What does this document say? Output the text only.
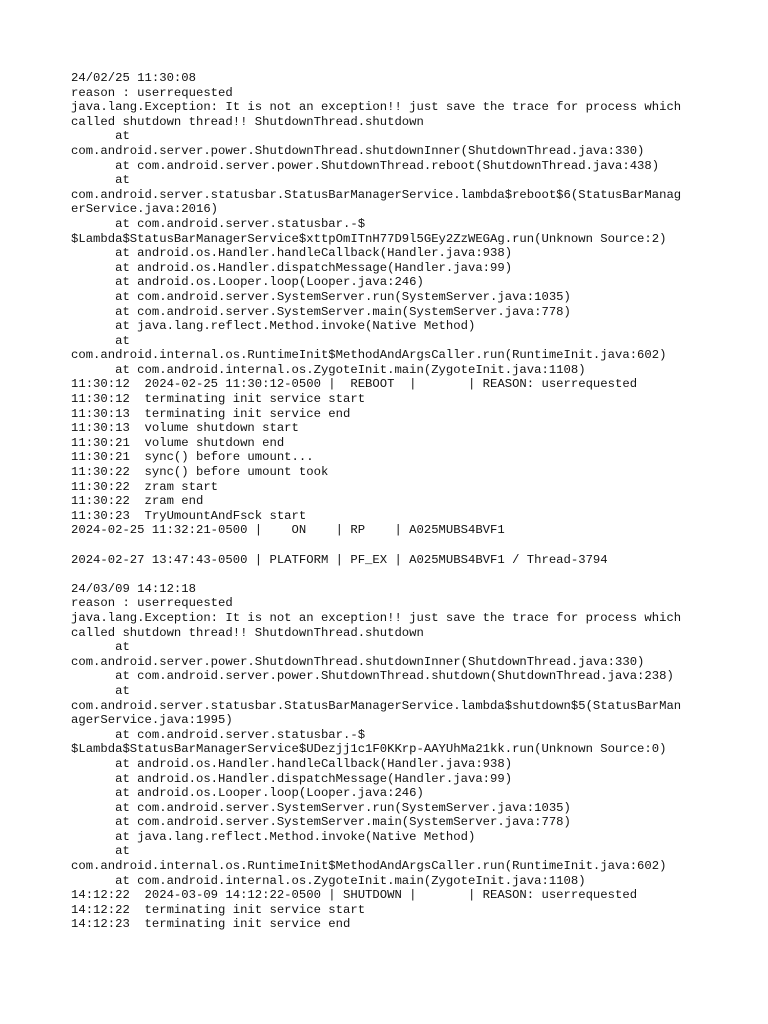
24/02/25 11:30:08
reason : userrequested
java.lang.Exception: It is not an exception!! just save the trace for process which
called shutdown thread!! ShutdownThread.shutdown
at
com.android.server.power.ShutdownThread.shutdownInner(ShutdownThread.java:330)
at com.android.server.power.ShutdownThread.reboot(ShutdownThread.java:438)
at
com.android.server.statusbar.StatusBarManagerService.lambda$reboot$6(StatusBarManag
erService.java:2016)
at com.android.server.statusbar.-$
$Lambda$StatusBarManagerService$xttpOmITnH77D9l5GEy2ZzWEGAg.run(Unknown Source:2)
at android.os.Handler.handleCallback(Handler.java:938)
at android.os.Handler.dispatchMessage(Handler.java:99)
at android.os.Looper.loop(Looper.java:246)
at com.android.server.SystemServer.run(SystemServer.java:1035)
at com.android.server.SystemServer.main(SystemServer.java:778)
at java.lang.reflect.Method.invoke(Native Method)
at
com.android.internal.os.RuntimeInit$MethodAndArgsCaller.run(RuntimeInit.java:602)
at com.android.internal.os.ZygoteInit.main(ZygoteInit.java:1108)
11:30:12  2024-02-25 11:30:12-0500 |  REBOOT  |       | REASON: userrequested
11:30:12  terminating init service start
11:30:13  terminating init service end
11:30:13  volume shutdown start
11:30:21  volume shutdown end
11:30:21  sync() before umount...
11:30:22  sync() before umount took
11:30:22  zram start
11:30:22  zram end
11:30:23  TryUmountAndFsck start
2024-02-25 11:32:21-0500 |    ON    | RP    | A025MUBS4BVF1
2024-02-27 13:47:43-0500 | PLATFORM | PF_EX | A025MUBS4BVF1 / Thread-3794
24/03/09 14:12:18
reason : userrequested
java.lang.Exception: It is not an exception!! just save the trace for process which
called shutdown thread!! ShutdownThread.shutdown
at
com.android.server.power.ShutdownThread.shutdownInner(ShutdownThread.java:330)
at com.android.server.power.ShutdownThread.shutdown(ShutdownThread.java:238)
at
com.android.server.statusbar.StatusBarManagerService.lambda$shutdown$5(StatusBarMan
agerService.java:1995)
at com.android.server.statusbar.-$
$Lambda$StatusBarManagerService$UDezjj1c1F0KKrp-AAYUhMa21kk.run(Unknown Source:0)
at android.os.Handler.handleCallback(Handler.java:938)
at android.os.Handler.dispatchMessage(Handler.java:99)
at android.os.Looper.loop(Looper.java:246)
at com.android.server.SystemServer.run(SystemServer.java:1035)
at com.android.server.SystemServer.main(SystemServer.java:778)
at java.lang.reflect.Method.invoke(Native Method)
at
com.android.internal.os.RuntimeInit$MethodAndArgsCaller.run(RuntimeInit.java:602)
at com.android.internal.os.ZygoteInit.main(ZygoteInit.java:1108)
14:12:22  2024-03-09 14:12:22-0500 | SHUTDOWN |       | REASON: userrequested
14:12:22  terminating init service start
14:12:23  terminating init service end
